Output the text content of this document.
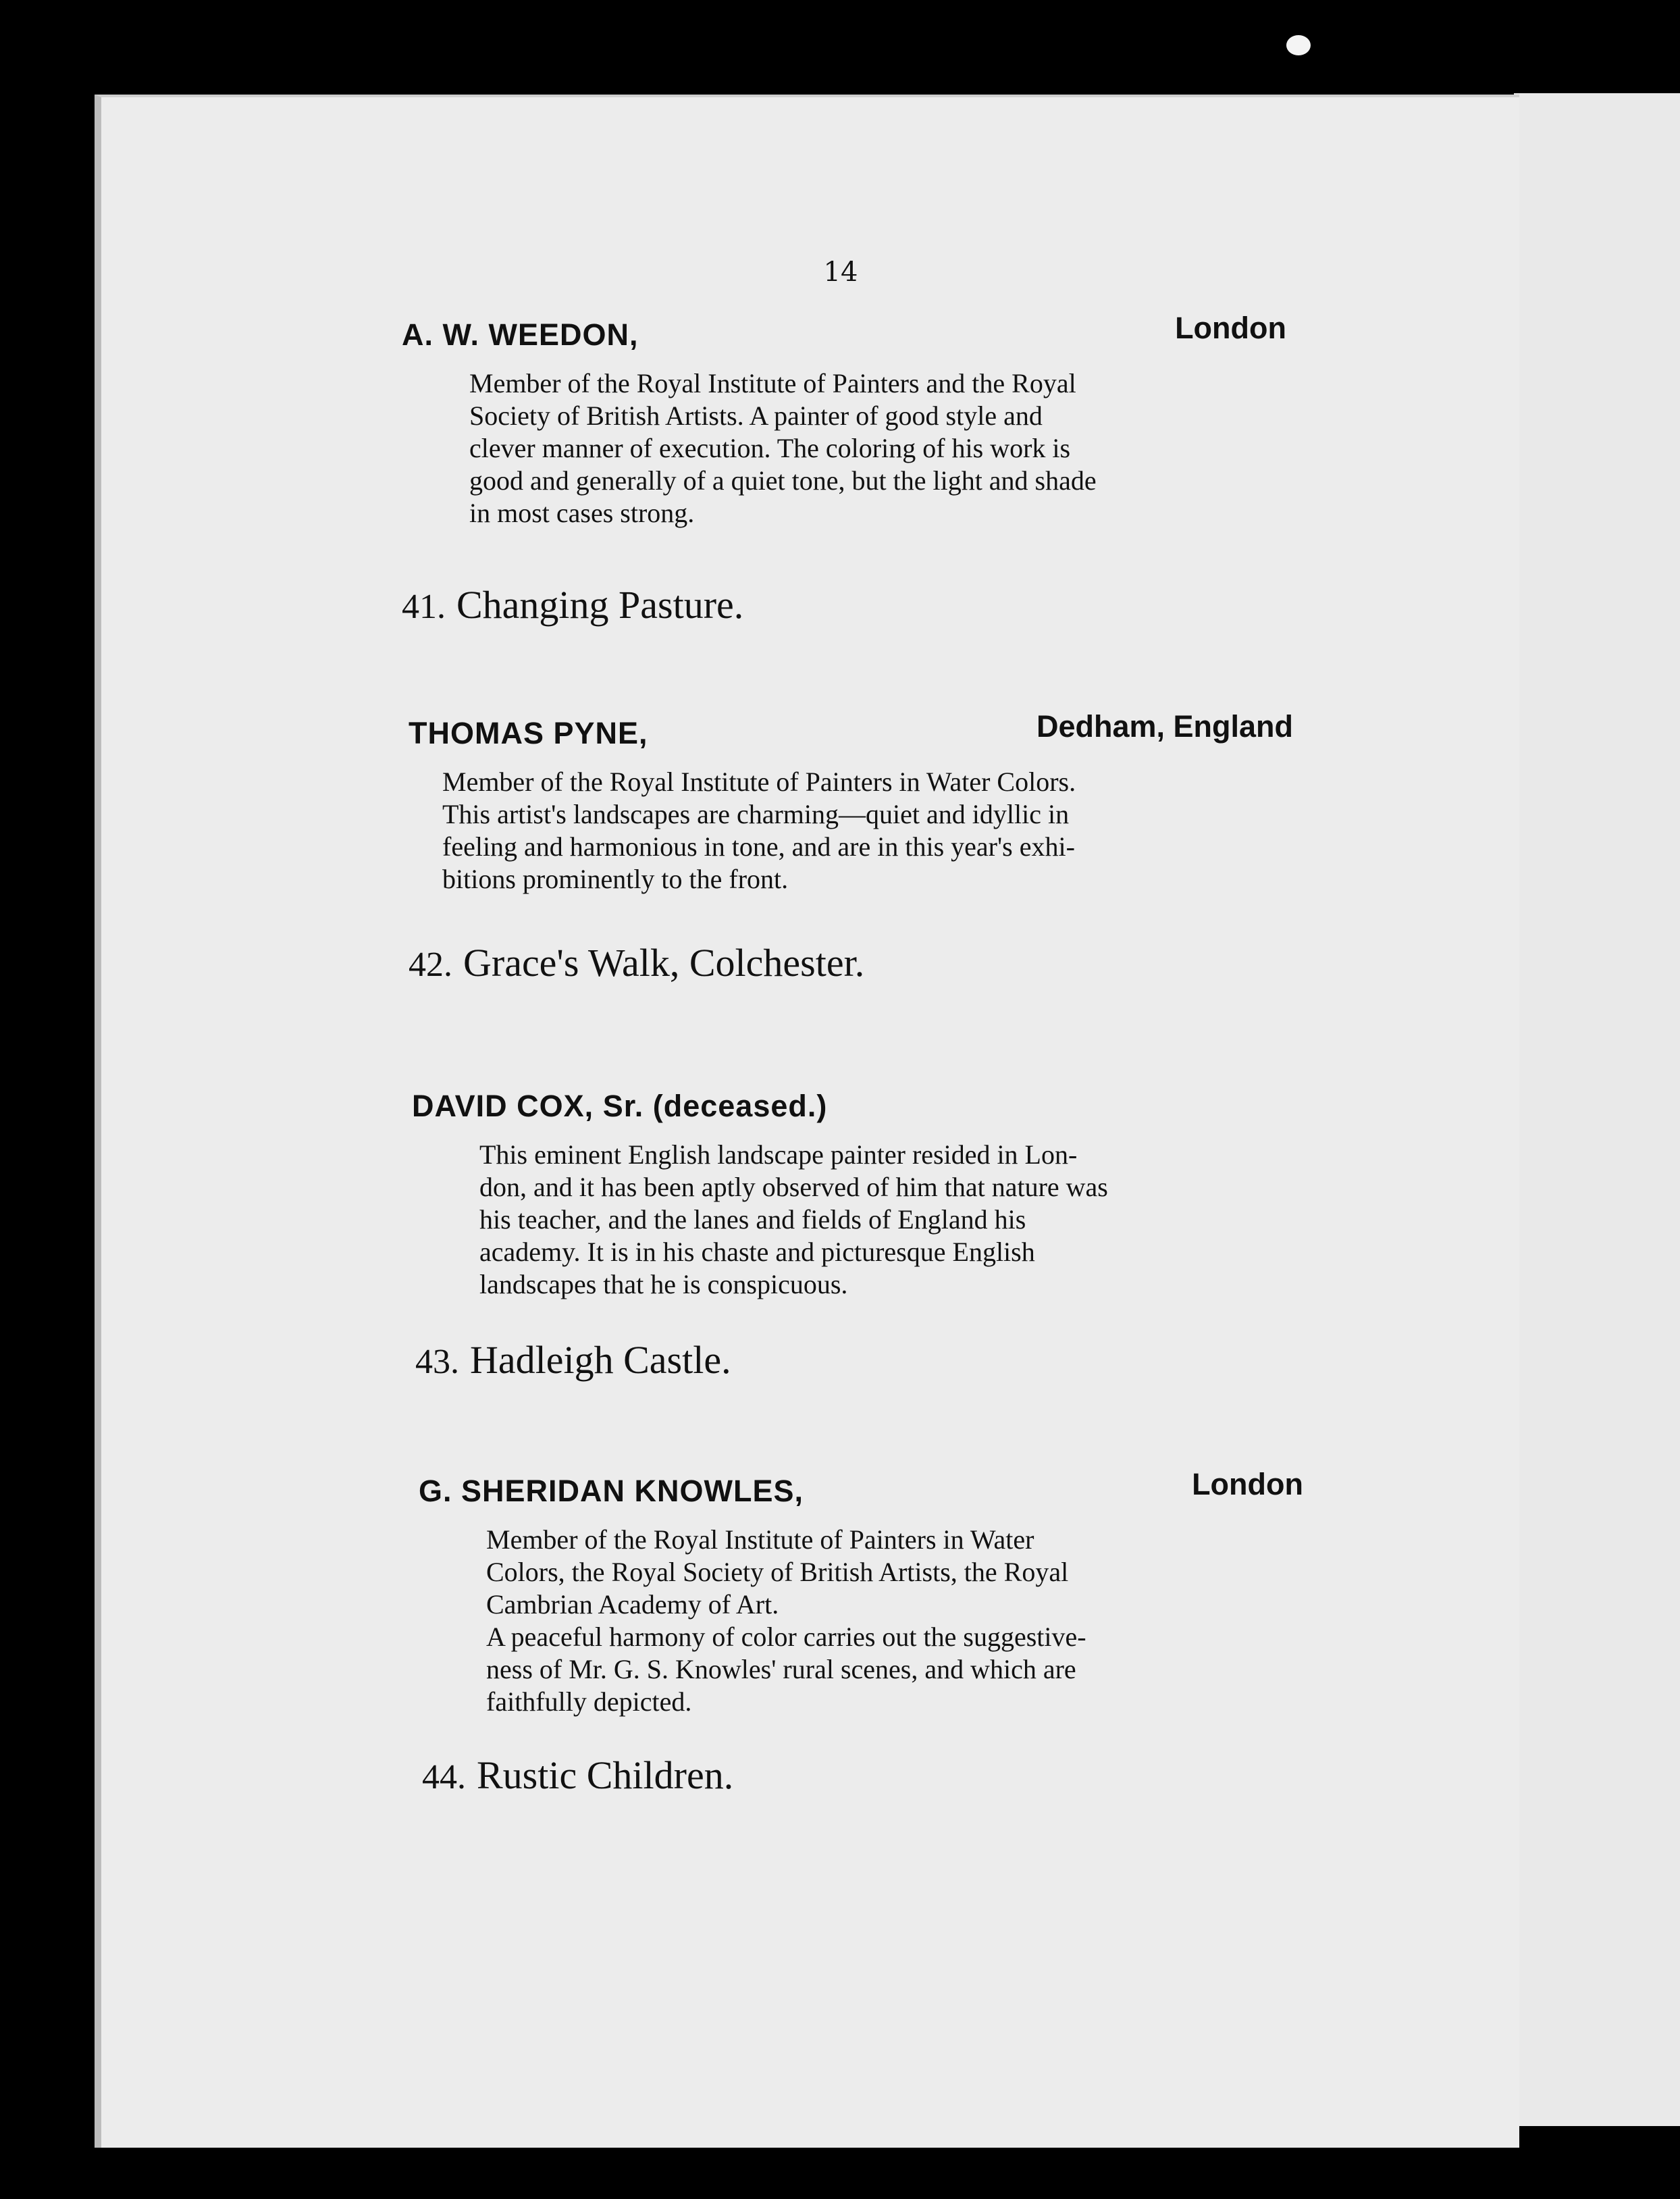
14
A. W. WEEDON,	London
Member of the Royal Institute of Painters and the Royal
Society of British Artists. A painter of good style and
clever manner of execution. The coloring of his work is
good and generally of a quiet tone, but the light and shade
in most cases strong.
41. Changing Pasture.
THOMAS PYNE,	Dedham, England
Member of the Royal Institute of Painters in Water Colors.
This artist's landscapes are charming—quiet and idyllic in
feeling and harmonious in tone, and are in this year's exhi-
bitions prominently to the front.
42. Grace's Walk, Colchester.
DAVID COX, Sr. (deceased.)
This eminent English landscape painter resided in Lon-
don, and it has been aptly observed of him that nature was
his teacher, and the lanes and fields of England his
academy. It is in his chaste and picturesque English
landscapes that he is conspicuous.
43. Hadleigh Castle.
G. SHERIDAN KNOWLES,	London
Member of the Royal Institute of Painters in Water
Colors, the Royal Society of British Artists, the Royal
Cambrian Academy of Art.
A peaceful harmony of color carries out the suggestive-
ness of Mr. G. S. Knowles' rural scenes, and which are
faithfully depicted.
44. Rustic Children.
